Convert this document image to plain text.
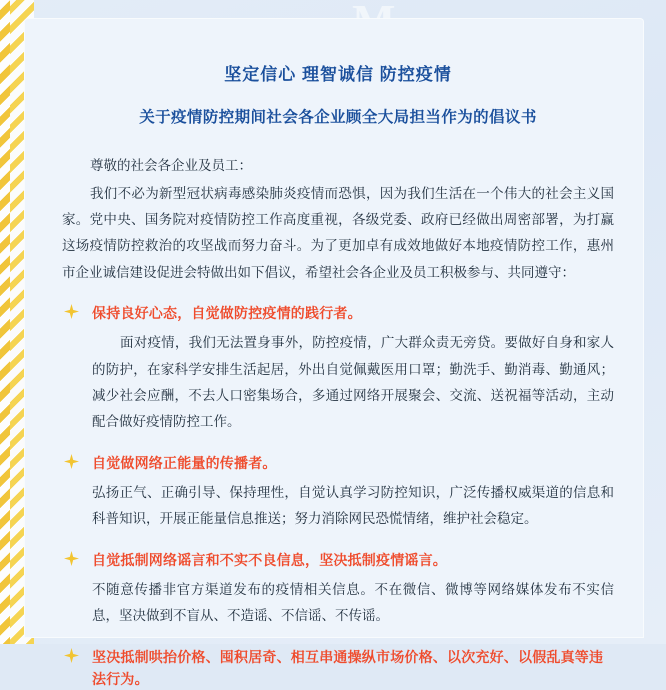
坚定信心 理智诚信 防控疫情
关于疫情防控期间社会各企业顾全大局担当作为的倡议书
尊敬的社会各企业及员工：
我们不必为新型冠状病毒感染肺炎疫情而恐惧，因为我们生活在一个伟大的社会主义国家。党中央、国务院对疫情防控工作高度重视，各级党委、政府已经做出周密部署，为打赢这场疫情防控救治的攻坚战而努力奋斗。为了更加卓有成效地做好本地疫情防控工作，惠州市企业诚信建设促进会特做出如下倡议，希望社会各企业及员工积极参与、共同遵守：
保持良好心态，自觉做防控疫情的践行者。
面对疫情，我们无法置身事外，防控疫情，广大群众责无旁贷。要做好自身和家人的防护，在家科学安排生活起居，外出自觉佩戴医用口罩；勤洗手、勤消毒、勤通风；减少社会应酬，不去人口密集场合，多通过网络开展聚会、交流、送祝福等活动，主动配合做好疫情防控工作。
自觉做网络正能量的传播者。
弘扬正气、正确引导、保持理性，自觉认真学习防控知识，广泛传播权威渠道的信息和科普知识，开展正能量信息推送；努力消除网民恐慌情绪，维护社会稳定。
自觉抵制网络谣言和不实不良信息，坚决抵制疫情谣言。
不随意传播非官方渠道发布的疫情相关信息。不在微信、微博等网络媒体发布不实信息，坚决做到不盲从、不造谣、不信谣、不传谣。
坚决抵制哄抬价格、囤积居奇、相互串通操纵市场价格、以次充好、以假乱真等违法行为。
